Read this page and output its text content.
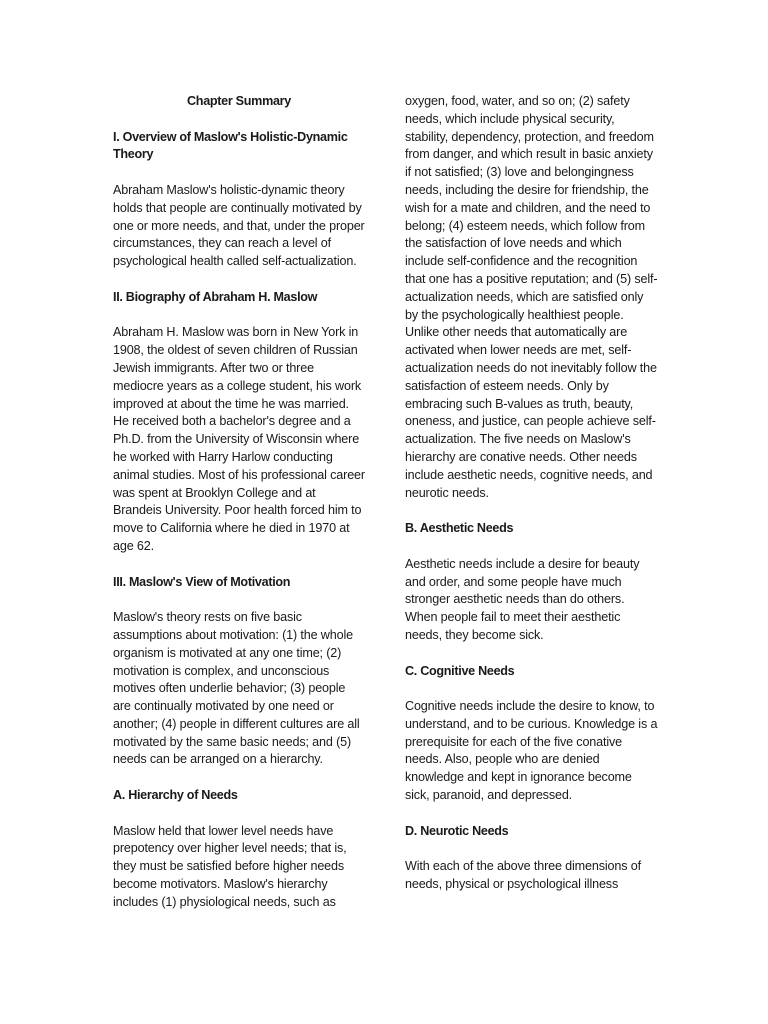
Chapter Summary

I. Overview of Maslow's Holistic-Dynamic Theory

Abraham Maslow's holistic-dynamic theory holds that people are continually motivated by one or more needs, and that, under the proper circumstances, they can reach a level of psychological health called self-actualization.

II. Biography of Abraham H. Maslow

Abraham H. Maslow was born in New York in 1908, the oldest of seven children of Russian Jewish immigrants. After two or three mediocre years as a college student, his work improved at about the time he was married. He received both a bachelor's degree and a Ph.D. from the University of Wisconsin where he worked with Harry Harlow conducting animal studies. Most of his professional career was spent at Brooklyn College and at Brandeis University. Poor health forced him to move to California where he died in 1970 at age 62.

III. Maslow's View of Motivation

Maslow's theory rests on five basic assumptions about motivation: (1) the whole organism is motivated at any one time; (2) motivation is complex, and unconscious motives often underlie behavior; (3) people are continually motivated by one need or another; (4) people in different cultures are all motivated by the same basic needs; and (5) needs can be arranged on a hierarchy.

A. Hierarchy of Needs

Maslow held that lower level needs have prepotency over higher level needs; that is, they must be satisfied before higher needs become motivators. Maslow's hierarchy includes (1) physiological needs, such as

oxygen, food, water, and so on; (2) safety needs, which include physical security, stability, dependency, protection, and freedom from danger, and which result in basic anxiety if not satisfied; (3) love and belongingness needs, including the desire for friendship, the wish for a mate and children, and the need to belong; (4) esteem needs, which follow from the satisfaction of love needs and which include self-confidence and the recognition that one has a positive reputation; and (5) self-actualization needs, which are satisfied only by the psychologically healthiest people. Unlike other needs that automatically are activated when lower needs are met, self-actualization needs do not inevitably follow the satisfaction of esteem needs. Only by embracing such B-values as truth, beauty, oneness, and justice, can people achieve self-actualization. The five needs on Maslow's hierarchy are conative needs. Other needs include aesthetic needs, cognitive needs, and neurotic needs.

B. Aesthetic Needs

Aesthetic needs include a desire for beauty and order, and some people have much stronger aesthetic needs than do others. When people fail to meet their aesthetic needs, they become sick.

C. Cognitive Needs

Cognitive needs include the desire to know, to understand, and to be curious. Knowledge is a prerequisite for each of the five conative needs. Also, people who are denied knowledge and kept in ignorance become sick, paranoid, and depressed.

D. Neurotic Needs

With each of the above three dimensions of needs, physical or psychological illness
